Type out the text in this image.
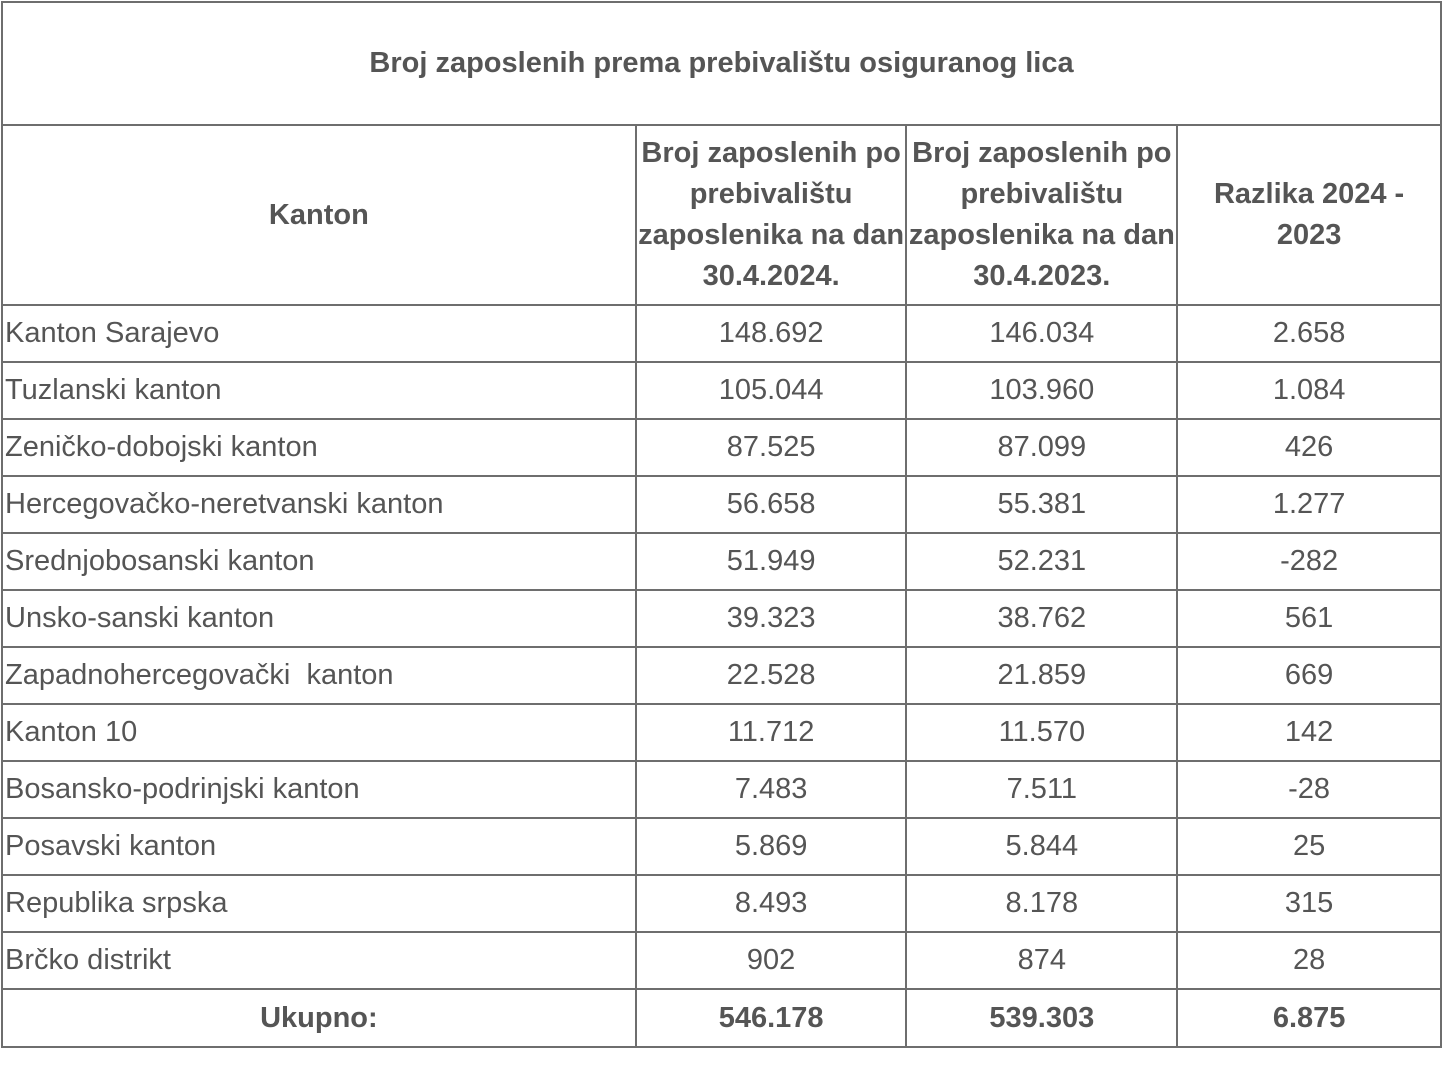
Broj zaposlenih prema prebivalištu osiguranog lica			
Kanton	Broj zaposlenih po prebivalištu zaposlenika na dan 30.4.2024.	Broj zaposlenih po prebivalištu zaposlenika na dan 30.4.2023.	Razlika 2024 - 2023
Kanton Sarajevo	148.692	146.034	2.658
Tuzlanski kanton	105.044	103.960	1.084
Zeničko-dobojski kanton	87.525	87.099	426
Hercegovačko-neretvanski kanton	56.658	55.381	1.277
Srednjobosanski kanton	51.949	52.231	-282
Unsko-sanski kanton	39.323	38.762	561
Zapadnohercegovački  kanton	22.528	21.859	669
Kanton 10	11.712	11.570	142
Bosansko-podrinjski kanton	7.483	7.511	-28
Posavski kanton	5.869	5.844	25
Republika srpska	8.493	8.178	315
Brčko distrikt	902	874	28
Ukupno:	546.178	539.303	6.875
